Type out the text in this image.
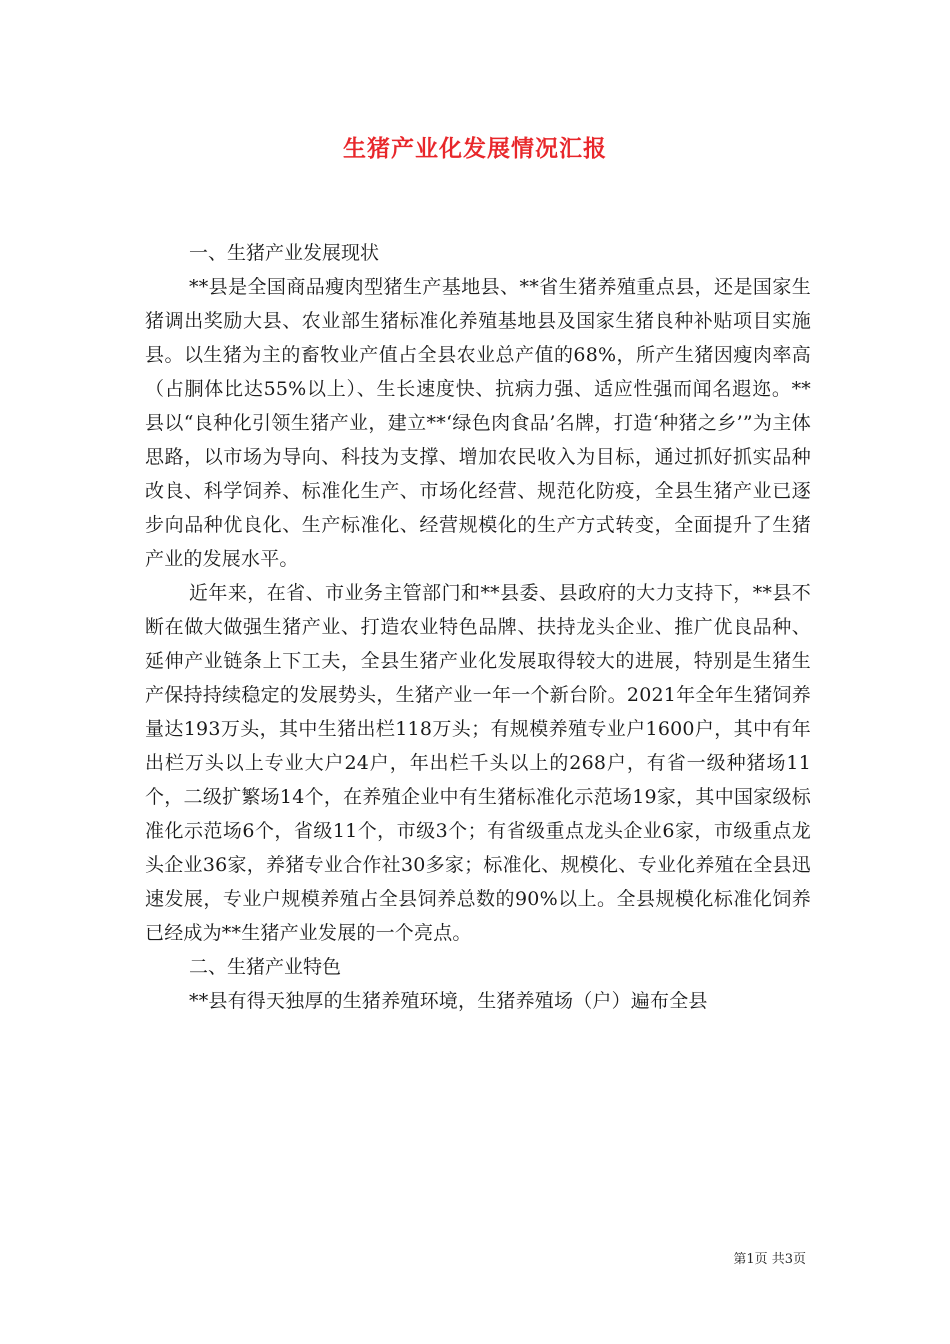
生猪产业化发展情况汇报

一、生猪产业发展现状

**县是全国商品瘦肉型猪生产基地县、**省生猪养殖重点县，还是国家生猪调出奖励大县、农业部生猪标准化养殖基地县及国家生猪良种补贴项目实施县。以生猪为主的畜牧业产值占全县农业总产值的68%，所产生猪因瘦肉率高（占胴体比达55%以上）、生长速度快、抗病力强、适应性强而闻名遐迩。**县以“良种化引领生猪产业，建立**‘绿色肉食品’名牌，打造‘种猪之乡’”为主体思路，以市场为导向、科技为支撑、增加农民收入为目标，通过抓好抓实品种改良、科学饲养、标准化生产、市场化经营、规范化防疫，全县生猪产业已逐步向品种优良化、生产标准化、经营规模化的生产方式转变，全面提升了生猪产业的发展水平。

近年来，在省、市业务主管部门和**县委、县政府的大力支持下，**县不断在做大做强生猪产业、打造农业特色品牌、扶持龙头企业、推广优良品种、延伸产业链条上下工夫，全县生猪产业化发展取得较大的进展，特别是生猪生产保持持续稳定的发展势头，生猪产业一年一个新台阶。2021年全年生猪饲养量达193万头，其中生猪出栏118万头；有规模养殖专业户1600户，其中有年出栏万头以上专业大户24户，年出栏千头以上的268户，有省一级种猪场11个，二级扩繁场14个，在养殖企业中有生猪标准化示范场19家，其中国家级标准化示范场6个，省级11个，市级3个；有省级重点龙头企业6家，市级重点龙头企业36家，养猪专业合作社30多家；标准化、规模化、专业化养殖在全县迅速发展，专业户规模养殖占全县饲养总数的90%以上。全县规模化标准化饲养已经成为**生猪产业发展的一个亮点。

二、生猪产业特色

**县有得天独厚的生猪养殖环境，生猪养殖场（户）遍布全县

第1页 共3页
